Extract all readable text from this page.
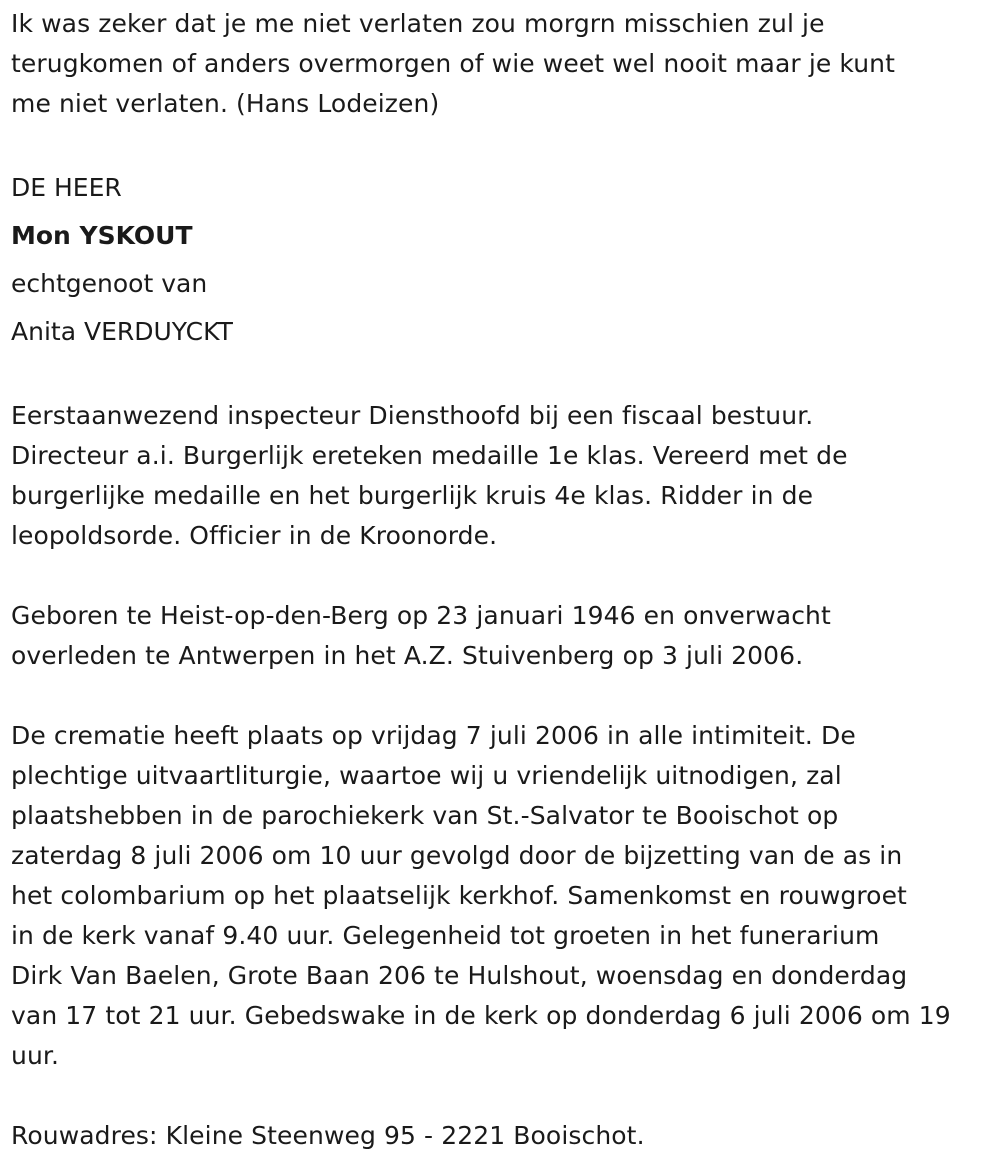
Ik was zeker dat je me niet verlaten zou morgrn misschien zul je
terugkomen of anders overmorgen of wie weet wel nooit maar je kunt
me niet verlaten. (Hans Lodeizen)

DE HEER

Mon YSKOUT

echtgenoot van

Anita VERDUYCKT

Eerstaanwezend inspecteur Diensthoofd bij een fiscaal bestuur.
Directeur a.i. Burgerlijk ereteken medaille 1e klas. Vereerd met de
burgerlijke medaille en het burgerlijk kruis 4e klas. Ridder in de
leopoldsorde. Officier in de Kroonorde.

Geboren te Heist-op-den-Berg op 23 januari 1946 en onverwacht
overleden te Antwerpen in het A.Z. Stuivenberg op 3 juli 2006.

De crematie heeft plaats op vrijdag 7 juli 2006 in alle intimiteit. De
plechtige uitvaartliturgie, waartoe wij u vriendelijk uitnodigen, zal
plaatshebben in de parochiekerk van St.-Salvator te Booischot op
zaterdag 8 juli 2006 om 10 uur gevolgd door de bijzetting van de as in
het colombarium op het plaatselijk kerkhof. Samenkomst en rouwgroet
in de kerk vanaf 9.40 uur. Gelegenheid tot groeten in het funerarium
Dirk Van Baelen, Grote Baan 206 te Hulshout, woensdag en donderdag
van 17 tot 21 uur. Gebedswake in de kerk op donderdag 6 juli 2006 om 19
uur.

Rouwadres: Kleine Steenweg 95 - 2221 Booischot.
